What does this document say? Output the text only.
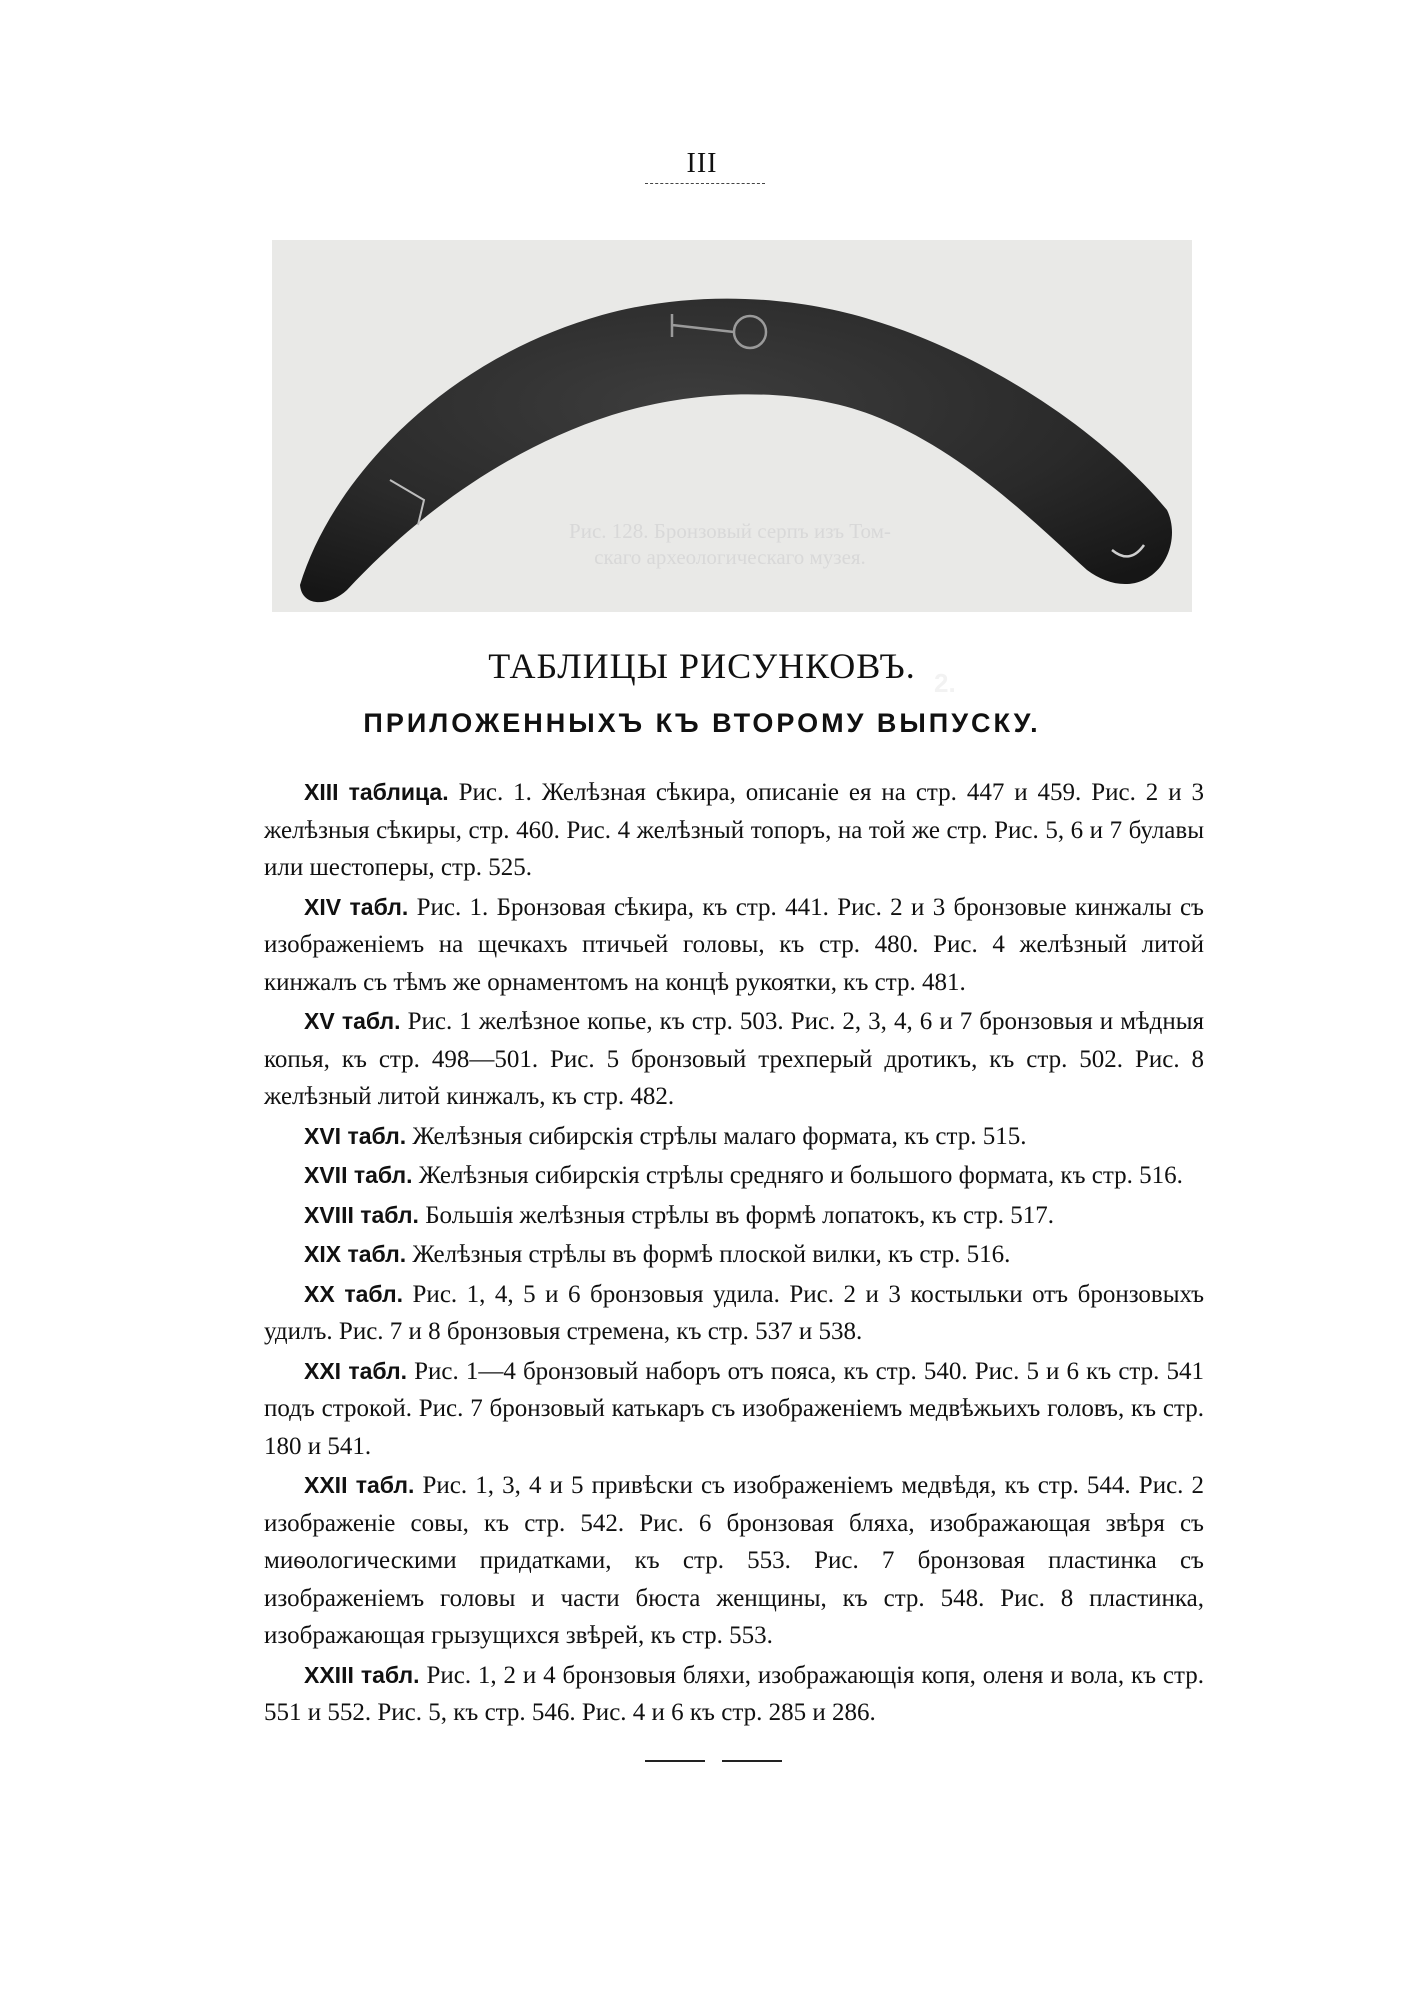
III
2.
Рис. 128. Бронзовый серпъ изъ Том-
скаго археологическаго музея.
ТАБЛИЦЫ РИСУНКОВЪ.
ПРИЛОЖЕННЫХЪ КЪ ВТОРОМУ ВЫПУСКУ.

XIII таблица. Рис. 1. Желѣзная сѣкира, описаніе ея на стр. 447 и 459. Рис. 2 и 3 желѣзныя сѣкиры, стр. 460. Рис. 4 желѣзный топоръ, на той же стр. Рис. 5, 6 и 7 булавы или шестоперы, стр. 525.

XIV табл. Рис. 1. Бронзовая сѣкира, къ стр. 441. Рис. 2 и 3 бронзовые кинжалы съ изображеніемъ на щечкахъ птичьей головы, къ стр. 480. Рис. 4 желѣзный литой кинжалъ съ тѣмъ же орнаментомъ на концѣ рукоятки, къ стр. 481.

XV табл. Рис. 1 желѣзное копье, къ стр. 503. Рис. 2, 3, 4, 6 и 7 бронзовыя и мѣдныя копья, къ стр. 498—501. Рис. 5 бронзовый трехперый дротикъ, къ стр. 502. Рис. 8 желѣзный литой кинжалъ, къ стр. 482.

XVI табл. Желѣзныя сибирскія стрѣлы малаго формата, къ стр. 515.

XVII табл. Желѣзныя сибирскія стрѣлы средняго и большого формата, къ стр. 516.

XVIII табл. Большія желѣзныя стрѣлы въ формѣ лопатокъ, къ стр. 517.

XIX табл. Желѣзныя стрѣлы въ формѣ плоской вилки, къ стр. 516.

XX табл. Рис. 1, 4, 5 и 6 бронзовыя удила. Рис. 2 и 3 костыльки отъ бронзовыхъ удилъ. Рис. 7 и 8 бронзовыя стремена, къ стр. 537 и 538.

XXI табл. Рис. 1—4 бронзовый наборъ отъ пояса, къ стр. 540. Рис. 5 и 6 къ стр. 541 подъ строкой. Рис. 7 бронзовый катькаръ съ изображеніемъ медвѣжьихъ головъ, къ стр. 180 и 541.

XXII табл. Рис. 1, 3, 4 и 5 привѣски съ изображеніемъ медвѣдя, къ стр. 544. Рис. 2 изображеніе совы, къ стр. 542. Рис. 6 бронзовая бляха, изображающая звѣря съ миѳологическими придатками, къ стр. 553. Рис. 7 бронзовая пластинка съ изображеніемъ головы и части бюста женщины, къ стр. 548. Рис. 8 пластинка, изображающая грызущихся звѣрей, къ стр. 553.

XXIII табл. Рис. 1, 2 и 4 бронзовыя бляхи, изображающія копя, оленя и вола, къ стр. 551 и 552. Рис. 5, къ стр. 546. Рис. 4 и 6 къ стр. 285 и 286.
